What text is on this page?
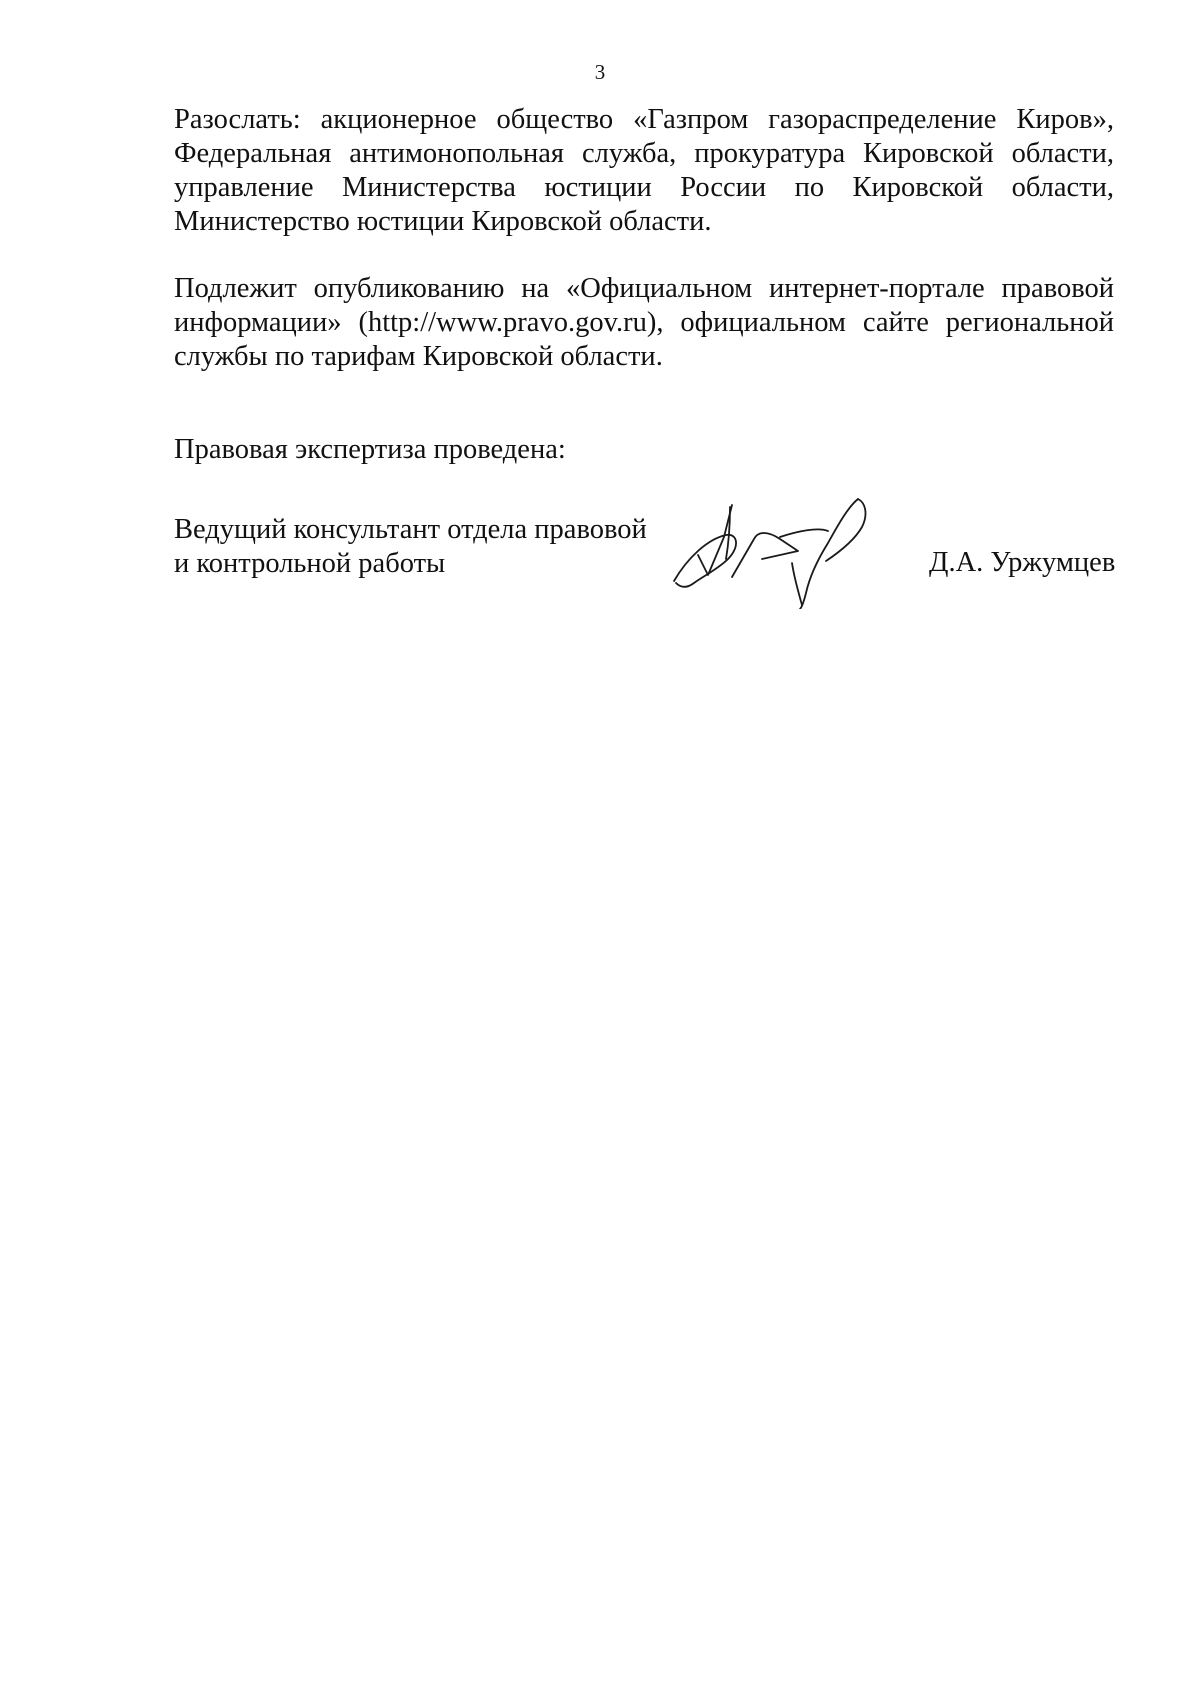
3

Разослать: акционерное общество «Газпром газораспределение Киров», Федеральная антимонопольная служба, прокуратура Кировской области, управление Министерства юстиции России по Кировской области, Министерство юстиции Кировской области.

Подлежит опубликованию на «Официальном интернет-портале правовой информации» (http://www.pravo.gov.ru), официальном сайте региональной службы по тарифам Кировской области.

Правовая экспертиза проведена:

Ведущий консультант отдела правовой
и контрольной работы	Д.А. Уржумцев
